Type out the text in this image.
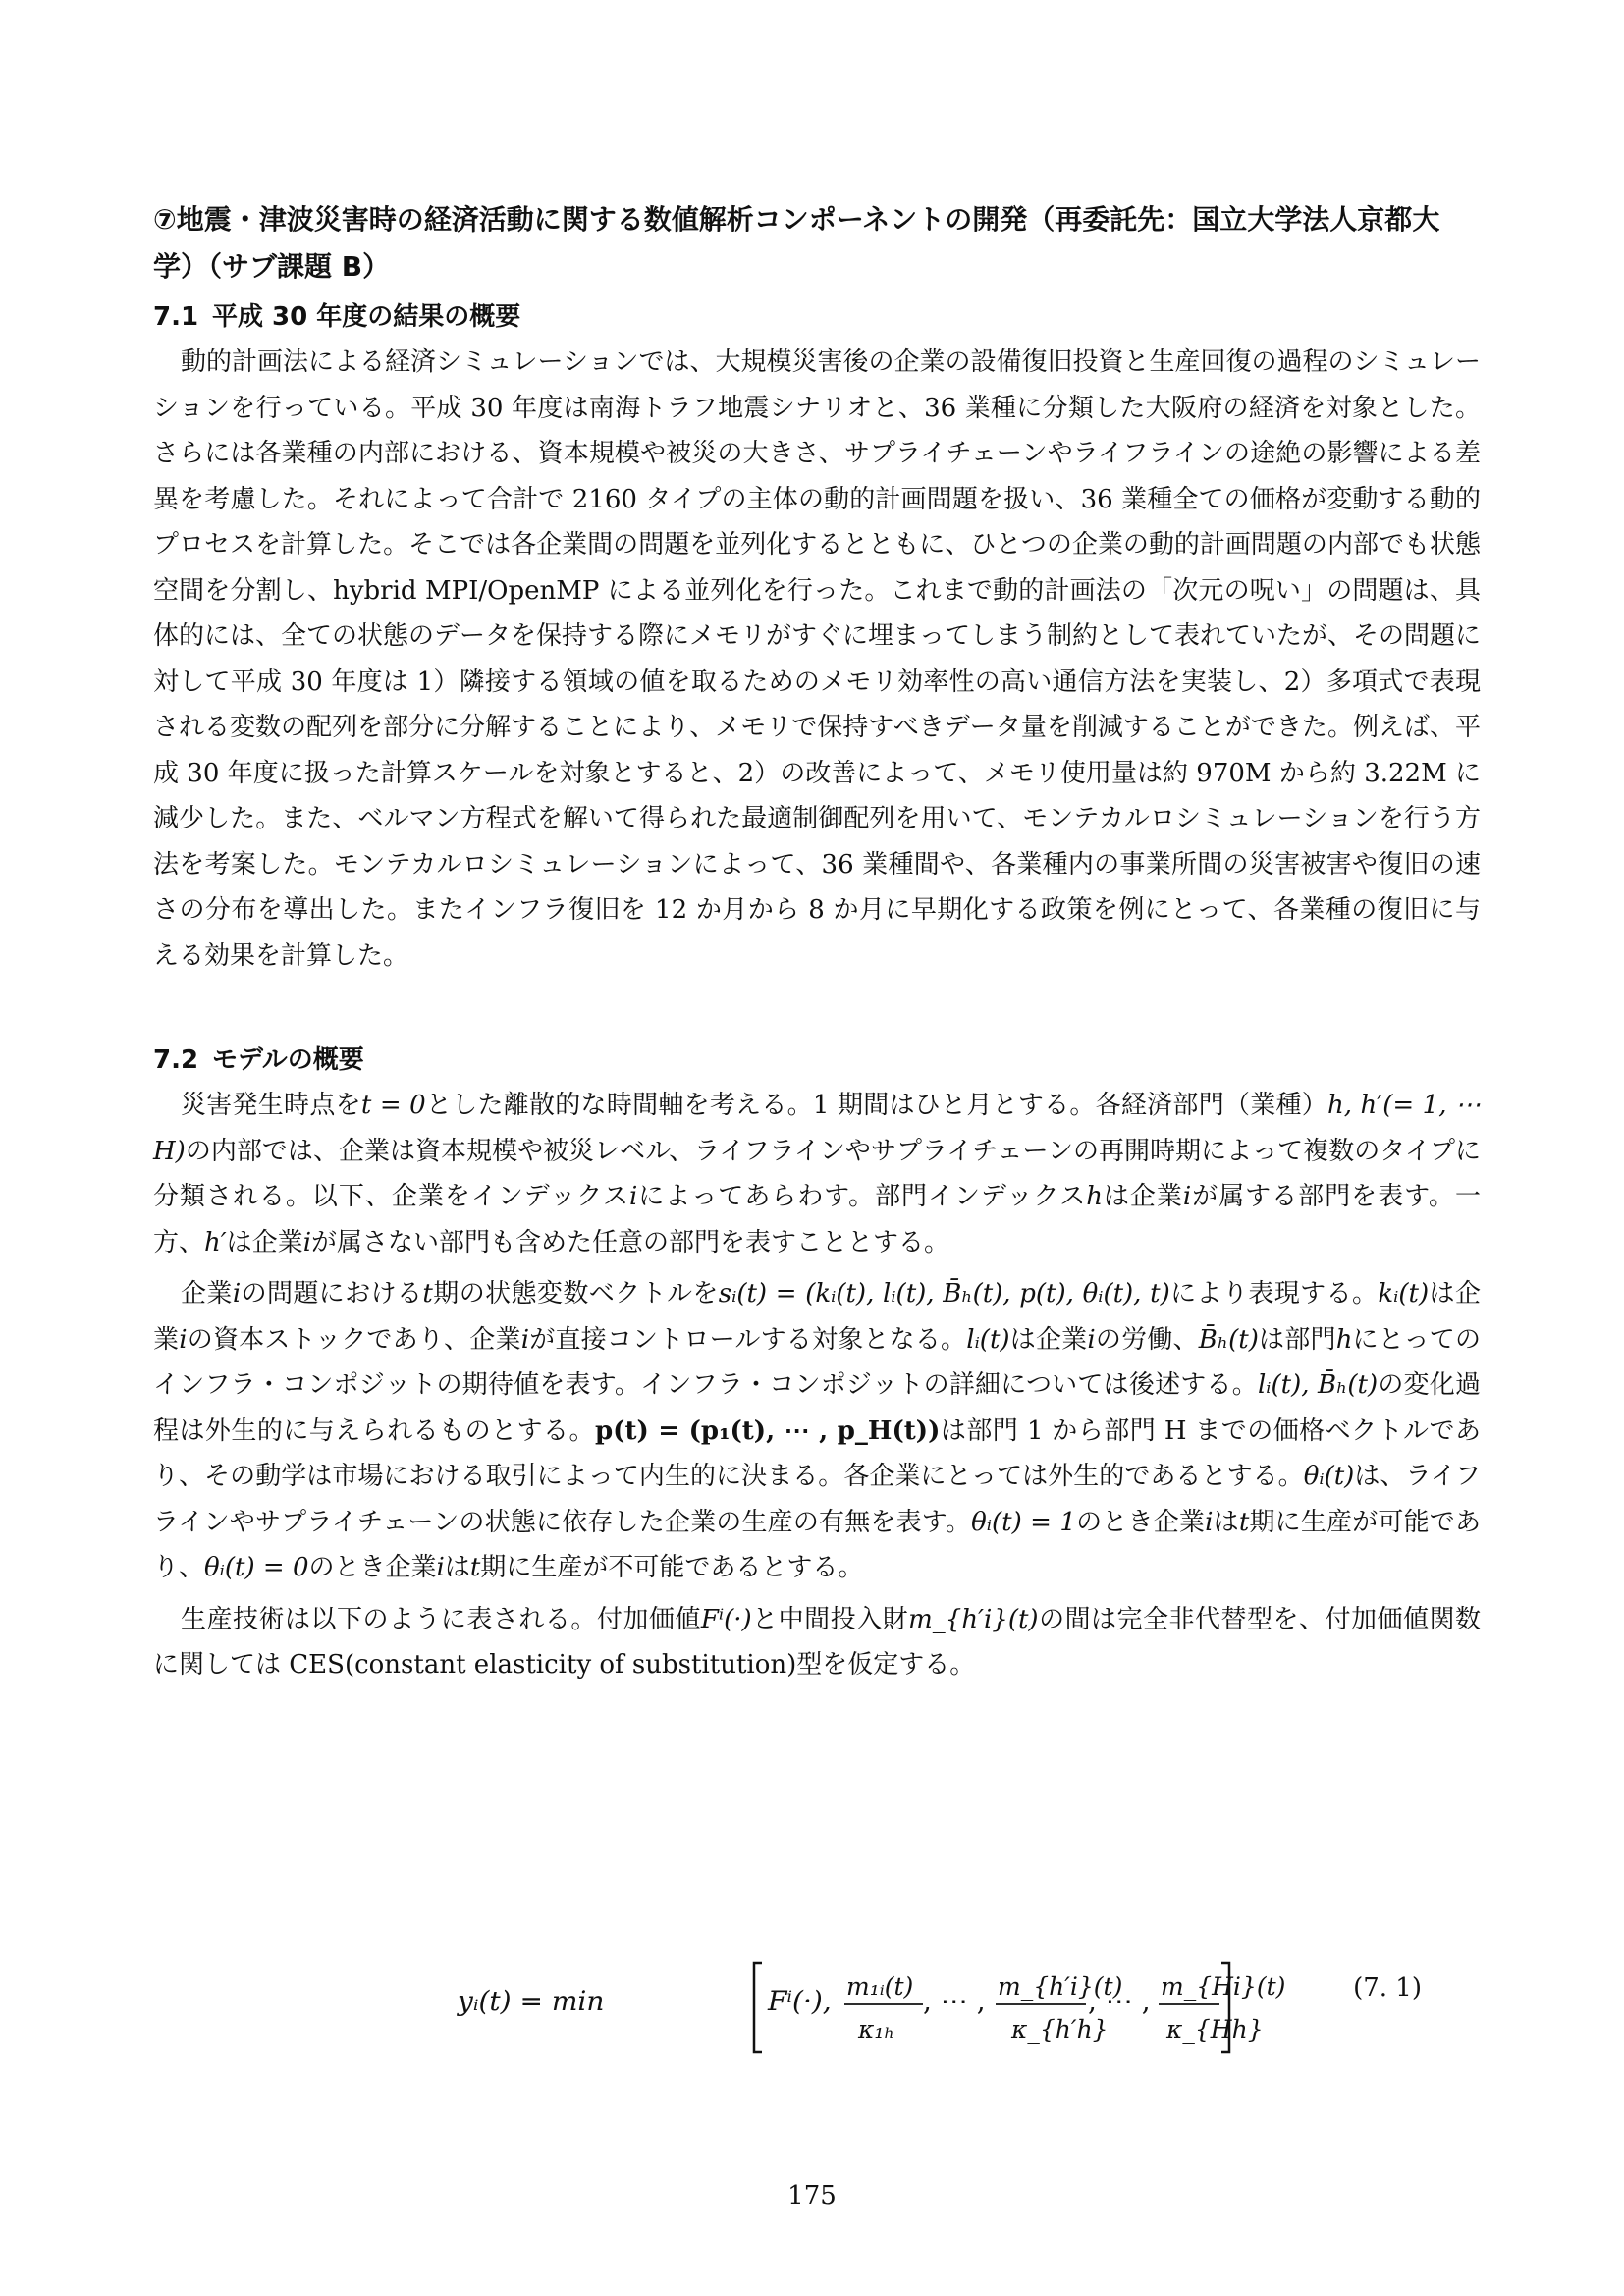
⑦地震・津波災害時の経済活動に関する数値解析コンポーネントの開発（再委託先：国立大学法人京都大学）（サブ課題 B）

7.1 平成 30 年度の結果の概要

動的計画法による経済シミュレーションでは、大規模災害後の企業の設備復旧投資と生産回復の過程のシミュレーションを行っている。平成 30 年度は南海トラフ地震シナリオと、36 業種に分類した大阪府の経済を対象とした。さらには各業種の内部における、資本規模や被災の大きさ、サプライチェーンやライフラインの途絶の影響による差異を考慮した。それによって合計で 2160 タイプの主体の動的計画問題を扱い、36 業種全ての価格が変動する動的プロセスを計算した。そこでは各企業間の問題を並列化するとともに、ひとつの企業の動的計画問題の内部でも状態空間を分割し、hybrid MPI/OpenMP による並列化を行った。これまで動的計画法の「次元の呪い」の問題は、具体的には、全ての状態のデータを保持する際にメモリがすぐに埋まってしまう制約として表れていたが、その問題に対して平成 30 年度は 1）隣接する領域の値を取るためのメモリ効率性の高い通信方法を実装し、2）多項式で表現される変数の配列を部分に分解することにより、メモリで保持すべきデータ量を削減することができた。例えば、平成 30 年度に扱った計算スケールを対象とすると、2）の改善によって、メモリ使用量は約 970M から約 3.22M に減少した。また、ベルマン方程式を解いて得られた最適制御配列を用いて、モンテカルロシミュレーションを行う方法を考案した。モンテカルロシミュレーションによって、36 業種間や、各業種内の事業所間の災害被害や復旧の速さの分布を導出した。またインフラ復旧を 12 か月から 8 か月に早期化する政策を例にとって、各業種の復旧に与える効果を計算した。

7.2 モデルの概要

災害発生時点をt = 0とした離散的な時間軸を考える。1 期間はひと月とする。各経済部門（業種）h, h′(= 1, ⋯ H)の内部では、企業は資本規模や被災レベル、ライフラインやサプライチェーンの再開時期によって複数のタイプに分類される。以下、企業をインデックスiによってあらわす。部門インデックスhは企業iが属する部門を表す。一方、h′は企業iが属さない部門も含めた任意の部門を表すこととする。

企業iの問題におけるt期の状態変数ベクトルをsᵢ(t) = (kᵢ(t), lᵢ(t), B̄ₕ(t), p(t), θᵢ(t), t)により表現する。kᵢ(t)は企業iの資本ストックであり、企業iが直接コントロールする対象となる。lᵢ(t)は企業iの労働、B̄ₕ(t)は部門hにとってのインフラ・コンポジットの期待値を表す。インフラ・コンポジットの詳細については後述する。lᵢ(t), B̄ₕ(t)の変化過程は外生的に与えられるものとする。p(t) = (p₁(t), ⋯ , p_H(t))は部門 1 から部門 H までの価格ベクトルであり、その動学は市場における取引によって内生的に決まる。各企業にとっては外生的であるとする。θᵢ(t)は、ライフラインやサプライチェーンの状態に依存した企業の生産の有無を表す。θᵢ(t) = 1のとき企業iはt期に生産が可能であり、θᵢ(t) = 0のとき企業iはt期に生産が不可能であるとする。

生産技術は以下のように表される。付加価値Fⁱ(·)と中間投入財m_{h′i}(t)の間は完全非代替型を、付加価値関数に関しては CES(constant elasticity of substitution)型を仮定する。

yᵢ(t) = min	Fⁱ(·), m₁ᵢ(t)
κ₁ₕ
, ⋯ , m_{h′i}(t)
κ_{h′h}
, ⋯ , m_{Hi}(t)
κ_{Hh}
(7. 1)
175
